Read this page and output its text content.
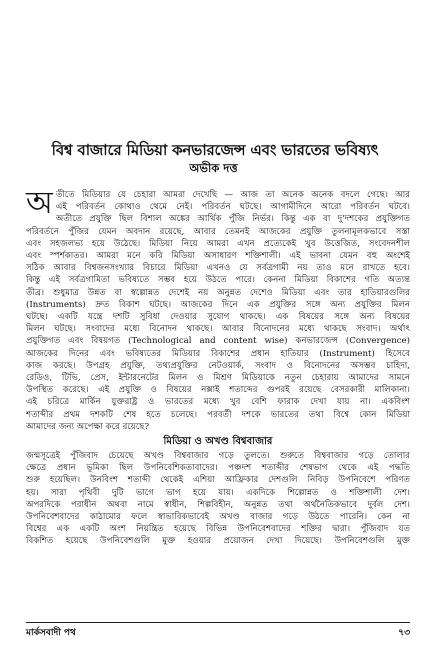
বিশ্ব বাজারে মিডিয়া কনভারজেন্স এবং ভারতের ভবিষ্যৎ
অভীক দত্ত
অ তীতে মিডিয়ার যে চেহারা আমরা দেখেছি — আজ তা অনেক অনেক বদলে গেছে। আর
এই পরিবর্তন কোথাও থেমে নেই। পরিবর্তন ঘটছে। আগামীদিনে আরো পরিবর্তন ঘটবে।
অতীতে প্রযুক্তি ছিল বিশাল অঙ্কের আর্থিক পুঁজি নির্ভর। কিন্তু এক বা দু'দশকের প্রযুক্তিগত
পরিবর্তনে পুঁজির যেমন অবদান রয়েছে, আবার তেমনই আজকের প্রযুক্তি তুলনামূলকভাবে সস্তা
এবং সহজলভ্য হয়ে উঠেছে। মিডিয়া নিয়ে আমরা এখন প্রত্যেকেই খুব উত্তেজিত, সংবেদনশীল
এবং স্পর্শকাতর। আমরা মনে করি মিডিয়া অসাধারণ শক্তিশালী। এই ভাবনা যেমন বহু অংশেই
সঠিক আবার বিশ্বজনসংখ্যার বিচারে মিডিয়া এখনও যে সর্বত্রগামী নয় তাও মনে রাখতে হবে।
কিন্তু এই সর্বত্রগামিতা ভবিষ্যতে সম্ভব হয়ে উঠতে পারে। কেননা মিডিয়া বিকাশের গতি অত্যন্ত
তীব্র। শুধুমাত্র উন্নত বা স্বল্পোন্নত দেশেই নয় অনুন্নত দেশেও মিডিয়া এবং তার হাতিয়ারগুলির
(Instruments) দ্রুত বিকাশ ঘটছে। আজকের দিনে এক প্রযুক্তির সঙ্গে অন্য প্রযুক্তির মিলন
ঘটছে। একটি যন্ত্রে দশটি সুবিধা দেওয়ার সুযোগ থাকছে। এক বিষয়ের সঙ্গে অন্য বিষয়ের
মিলন ঘটছে। সংবাদের মধ্যে বিনোদন থাকছে। আবার বিনোদনের মধ্যে থাকছে সংবাদ। অর্থাৎ
প্রযুক্তিগত এবং বিষয়গত (Technological and content wise) কনভারজেন্স (Convergence)
আজকের দিনের এবং ভবিষ্যতের মিডিয়ার বিকাশের প্রধান হাতিয়ার (Instrument) হিসেবে
কাজ করছে। উপগ্রহ প্রযুক্তি, তথ্যপ্রযুক্তির নেটওয়ার্ক, সংবাদ ও বিনোদনের অসম্ভব চাহিদা,
রেডিও, টিভি, প্রেস, ইন্টারনেটের মিলন ও মিশ্রণ মিডিয়াকে নতুন চেহারায় আমাদের সামনে
উপস্থিত করেছে। এই প্রযুক্তি ও বিষয়ের নক্সাই শতাব্দের গুপরই রয়েছে বেসরকারী মালিকানা।
এই চরিত্রে মার্কিন যুক্তরাষ্ট্র ও ভারতের মধ্যে খুব বেশি ফারাক দেখা যায় না। একবিংশ
শতাব্দীর প্রথম দশকটি শেষ হতে চলেছে। পরবর্তী দশকে ভারতের তথা বিশ্বে কোন মিডিয়া
আমাদের জন্য অপেক্ষা করে রয়েছে?
মিডিয়া ও অখণ্ড বিশ্ববাজার
জন্মসূত্রেই পুঁজিবাদ চেয়েছে অখণ্ড বিশ্ববাজার গড়ে তুলতে। শুরুতে বিশ্ববাজার গড়ে তোলার
ক্ষেত্রে প্রধান ভূমিকা ছিল উপনিবেশিকতাবাদের। পঞ্চদশ শতাব্দীর শেষভাগ থেকে এই পদ্ধতি
শুরু হয়েছিল। উনবিংশ শতাব্দী থেকেই এশিয়া আফ্রিকার দেশগুলি নিবিড় উপনিবেশে পরিণত
হয়। সারা পৃথিবী দুটি ভাগে ভাগ হয়ে যায়। একদিকে শিল্পোন্নত ও শক্তিশালী দেশ।
অপরদিকে পরাধীন অথবা নামে স্বাধীন, শিল্পবিহীন, অনুন্নত তথা অর্থনৈতিকভাবে দুর্বল দেশ।
উপনিবেশবাদের কাঠামোর ফলে স্বাভাবিকভাবেই অখণ্ড বাজার গড়ে উঠতে পারেনি। কেন না
বিশ্বের এক একটি অংশ নিয়ন্ত্রিত হয়েছে বিভিন্ন উপনিবেশবাদের শক্তির দ্বারা। পুঁজিবাদ যত
বিকশিত হয়েছে উপনিবেশগুলি মুক্ত হওয়ার প্রয়োজন দেখা দিয়েছে। উপনিবেশগুলি মুক্ত
মার্কসবাদী পথ	৭৩
